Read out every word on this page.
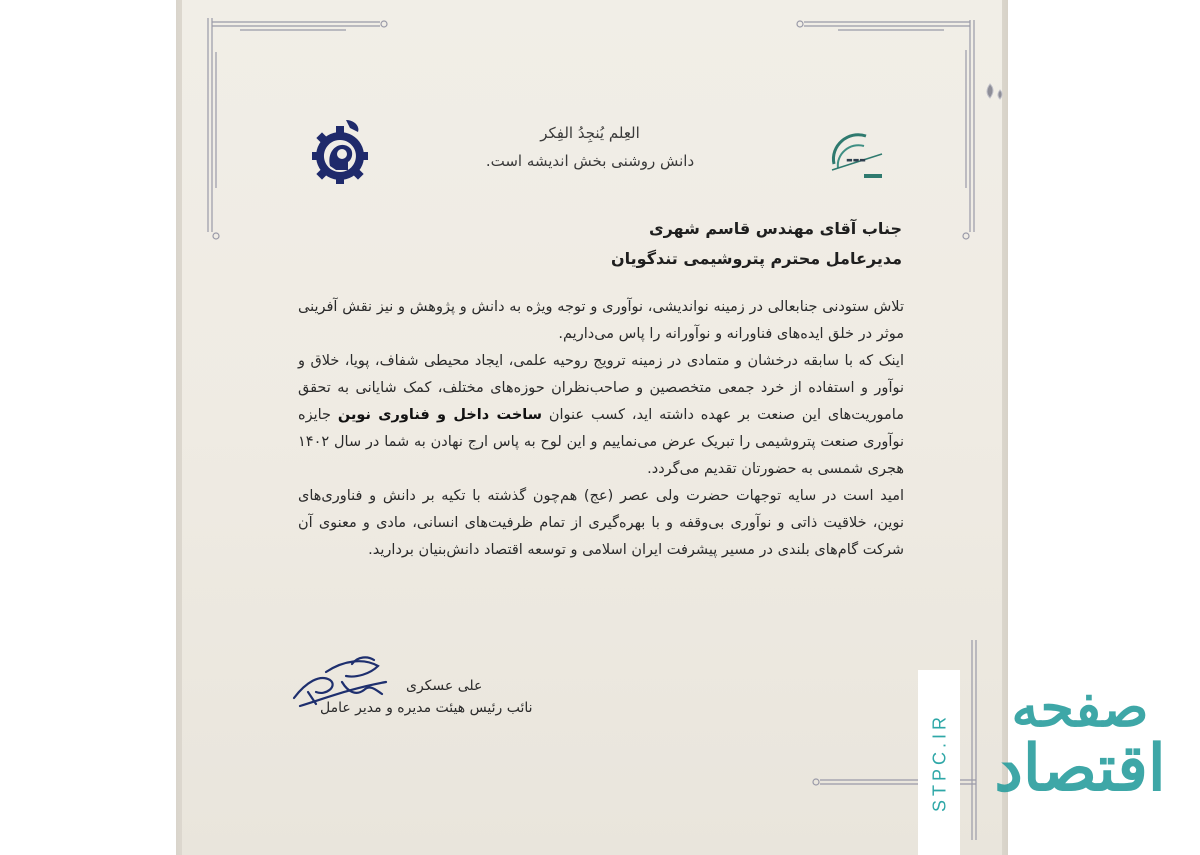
العِلم یُنجِدُ الفِکر
دانش روشنی بخش اندیشه است.	▬▬▬
جناب آقای مهندس قاسم شهری
مدیرعامل محترم پتروشیمی تندگویان

تلاش ستودنی جنابعالی در زمینه نواندیشی، نوآوری و توجه ویژه به دانش و پژوهش و نیز نقش آفرینی موثر در خلق ایده‌های فناورانه و نوآورانه را پاس می‌داریم.

اینک که با سابقه درخشان و متمادی در زمینه ترویج روحیه علمی، ایجاد محیطی شفاف، پویا، خلاق و نوآور و استفاده از خرد جمعی متخصصین و صاحب‌نظران حوزه‌های مختلف، کمک شایانی به تحقق ماموریت‌های این صنعت بر عهده داشته اید، کسب عنوان ساخت داخل و فناوری نوین جایزه نوآوری صنعت پتروشیمی را تبریک عرض می‌نماییم و این لوح به پاس ارج نهادن به شما در سال ۱۴۰۲ هجری شمسی به حضورتان تقدیم می‌گردد.

امید است در سایه توجهات حضرت ولی عصر (عج) هم‌چون گذشته با تکیه بر دانش و فناوری‌های نوین، خلاقیت ذاتی و نوآوری بی‌وقفه و با بهره‌گیری از تمام ظرفیت‌های انسانی، مادی و معنوی آن شرکت گام‌های بلندی در مسیر پیشرفت ایران اسلامی و توسعه اقتصاد دانش‌بنیان بردارید.

علی عسکری
نائب رئیس هیئت مدیره و مدیر عامل
STPC.IR
صفحه
اقتصاد
